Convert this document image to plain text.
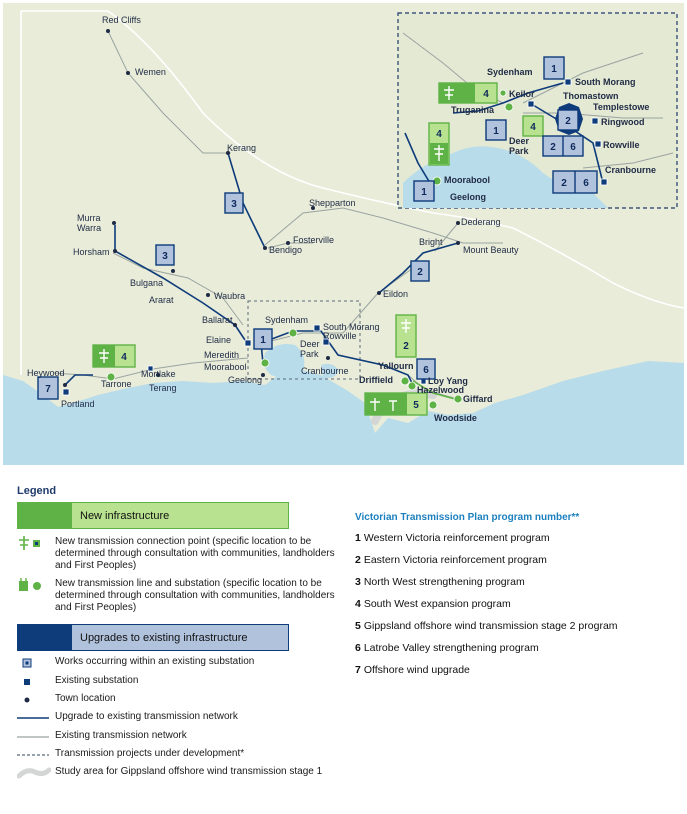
3
3
2
1
2
6
5
4
7
1
4
1	4
2
2 6
4
1
2 6
Red Cliffs
Wemen
Kerang
Murra
Warra
Horsham
Shepparton
Fosterville
Bendigo
Dederang
Bright
Mount Beauty
Bulgana
Ararat	Waubra	Eildon
Ballarat
Elaine
Meredith
Moorabool
Geelong
Sydenham
South Morang
Rowville
Deer
Park
Cranbourne
Heywood
Portland
Tarrone
Mortlake
Terang
Yallourn
Driffield	Loy Yang
Hazelwood
Giffard
Woodside
Sydenham
Keilor
Truganina
South Morang
Thomastown
Templestowe
Ringwood
Deer
Park
Rowville
Moorabool
Geelong
Cranbourne
Legend
New infrastructure
New transmission connection point (specific location to be determined through consultation with communities, landholders and First Peoples)
New transmission line and substation (specific location to be determined through consultation with communities, landholders and First Peoples)
Upgrades to existing infrastructure
Works occurring within an existing substation
Existing substation
Town location
Upgrade to existing transmission network
Existing transmission network
Transmission projects under development*
Study area for Gippsland offshore wind transmission stage 1
Victorian Transmission Plan program number**
1 Western Victoria reinforcement program
2 Eastern Victoria reinforcement program
3 North West strengthening program
4 South West expansion program
5 Gippsland offshore wind transmission stage 2 program
6 Latrobe Valley strengthening program
7 Offshore wind upgrade
